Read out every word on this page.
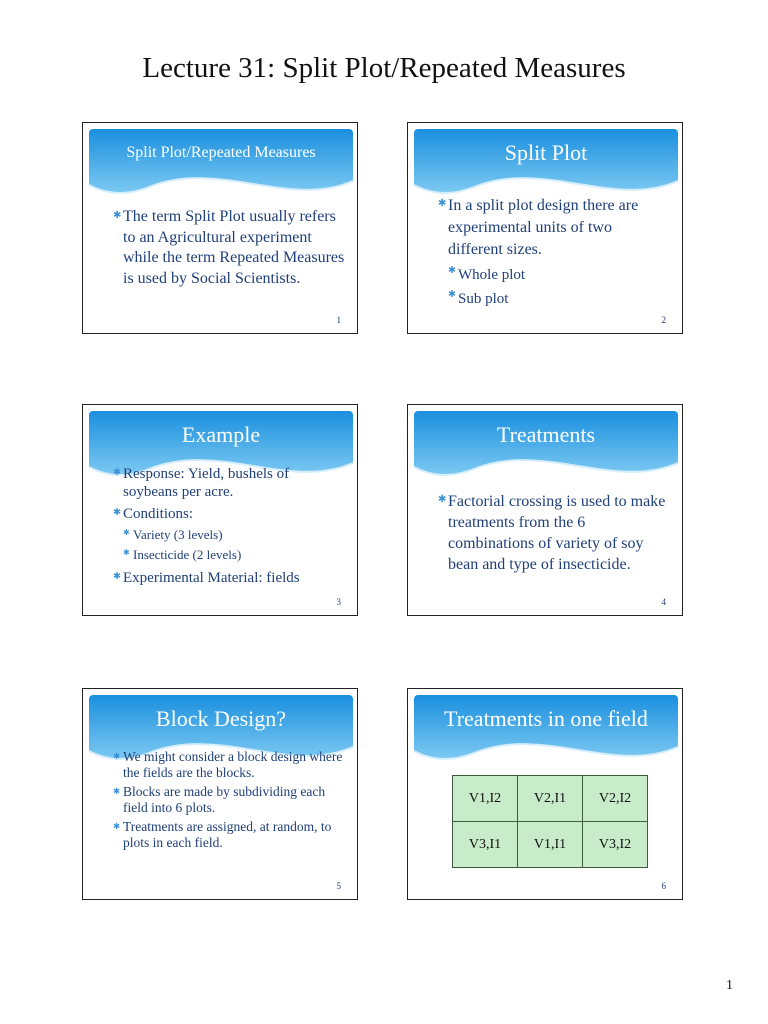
Lecture 31: Split Plot/Repeated Measures
Split Plot/Repeated Measures
✱ The term Split Plot usually refers to an Agricultural experiment while the term Repeated Measures is used by Social Scientists.
1
Split Plot
✱ In a split plot design there are experimental units of two different sizes.
✱ Whole plot
✱ Sub plot
2
Example
✱ Response: Yield, bushels of soybeans per acre.
✱ Conditions:
✱ Variety (3 levels)
✱ Insecticide (2 levels)
✱ Experimental Material: fields
3
Treatments
✱ Factorial crossing is used to make treatments from the 6 combinations of variety of soy bean and type of insecticide.
4
Block Design?
✱ We might consider a block design where the fields are the blocks.
✱ Blocks are made by subdividing each field into 6 plots.
✱ Treatments are assigned, at random, to plots in each field.
5
Treatments in one field
V1,I2	V2,I1	V2,I2
V3,I1	V1,I1	V3,I2
6
1
